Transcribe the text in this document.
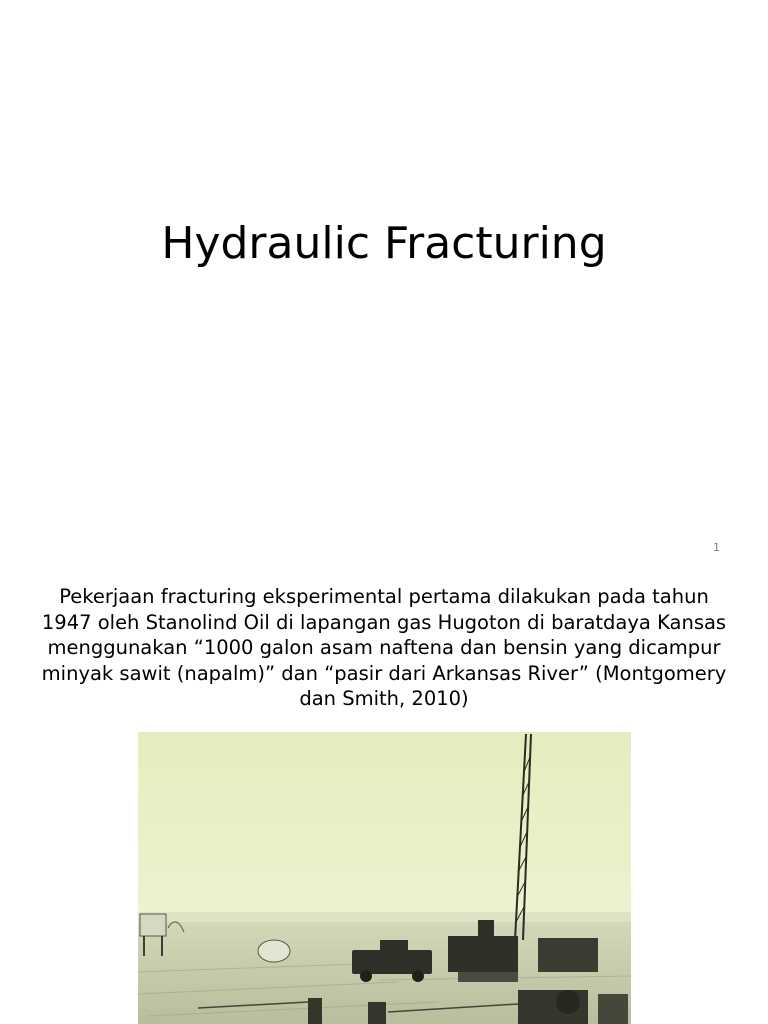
Hydraulic Fracturing
1

Pekerjaan fracturing eksperimental pertama dilakukan pada tahun 1947 oleh Stanolind Oil di lapangan gas Hugoton di baratdaya Kansas menggunakan “1000 galon asam naftena dan bensin yang dicampur minyak sawit (napalm)” dan “pasir dari Arkansas River” (Montgomery dan Smith, 2010)
